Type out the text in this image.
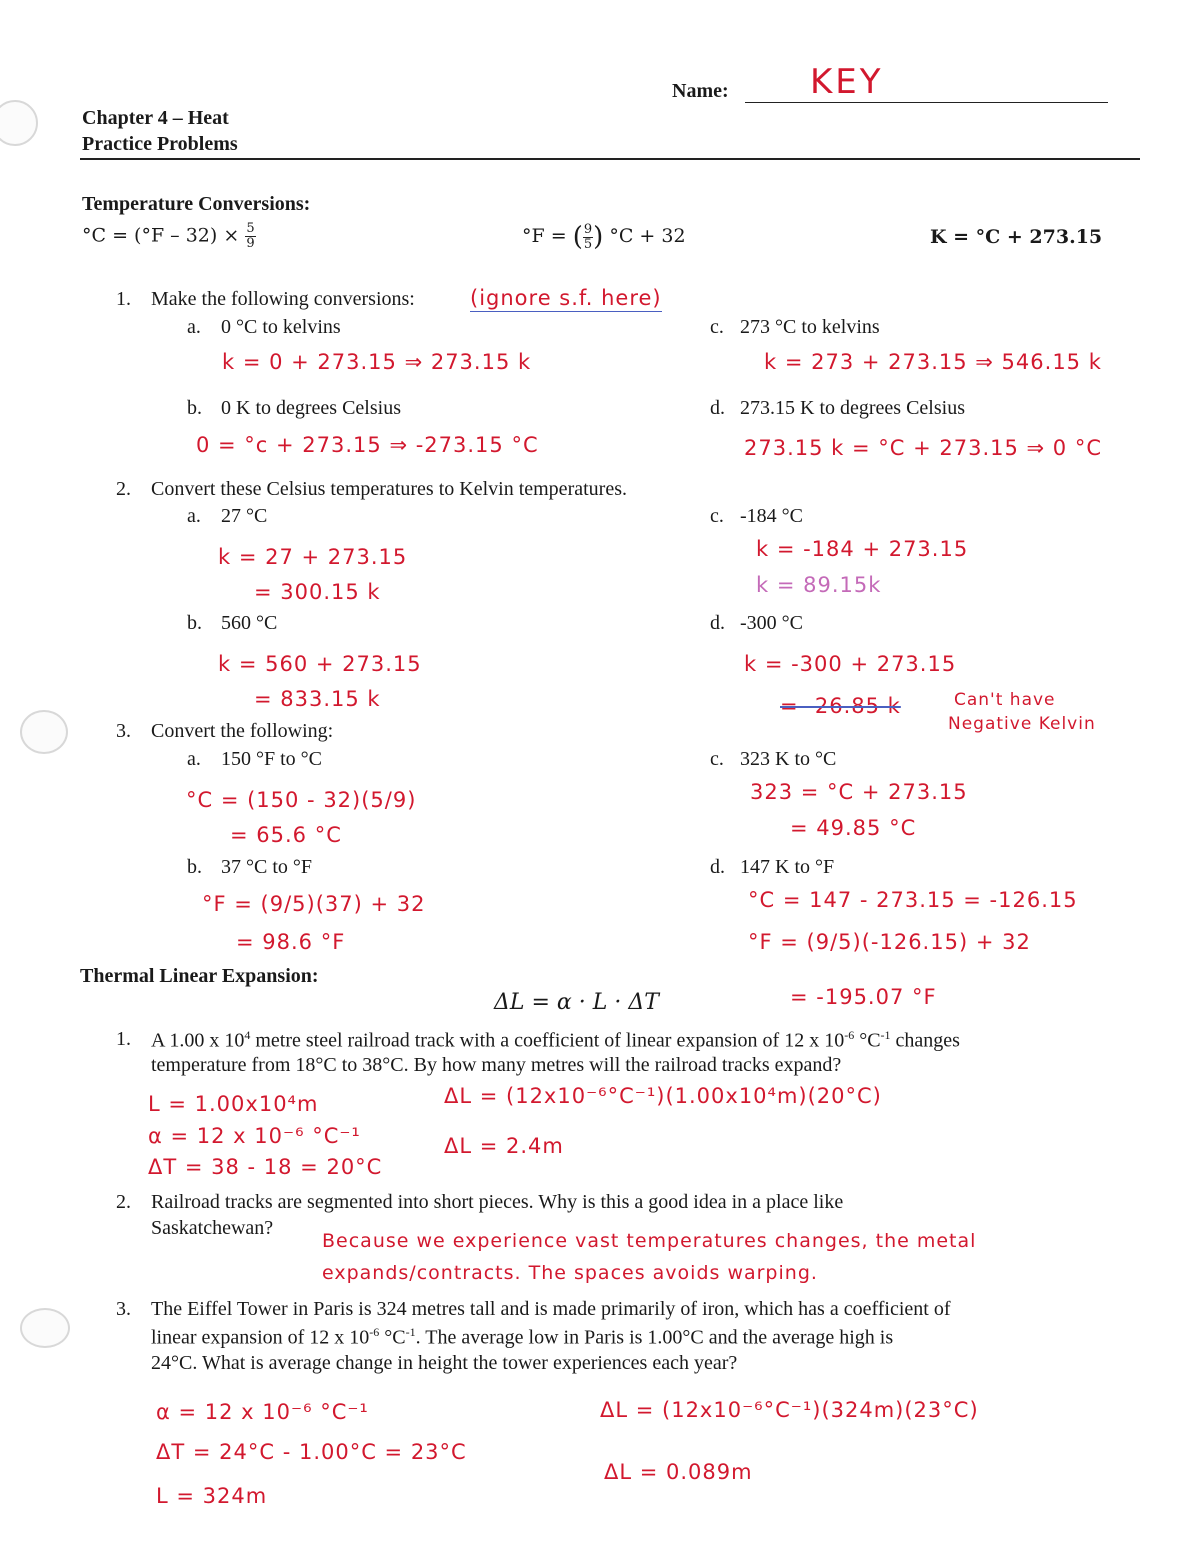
Name: KEY
Chapter 4 – Heat
Practice Problems
Temperature Conversions:
$^\circ C = (^\circ F - 32) \times \frac{5}{9}$	°F = ( $\frac{9}{5}$ ) °C + 32	K = °C + 273.15
1. Make the following conversions:	(ignore s.f. here)
a. 0 °C to kelvins
k = 0 + 273.15 ⇒ 273.15 k
b. 0 K to degrees Celsius
0 = °c + 273.15 ⇒ -273.15 °C
c. 273 °C to kelvins
k = 273 + 273.15 ⇒ 546.15 k
d. 273.15 K to degrees Celsius
273.15 k = °C + 273.15 ⇒ 0 °C
2. Convert these Celsius temperatures to Kelvin temperatures.
a. 27 °C
k = 27 + 273.15
= 300.15 k
b. 560 °C
k = 560 + 273.15
= 833.15 k
c. -184 °C
k = -184 + 273.15
k = 89.15k
d. -300 °C
k = -300 + 273.15
= -26.85 k	Can't have
Negative Kelvin
3. Convert the following:
a. 150 °F to °C
°C = (150 - 32)(5/9)
= 65.6 °C
b. 37 °C to °F
°F = (9/5)(37) + 32
= 98.6 °F
c. 323 K to °C
323 = °C + 273.15
= 49.85 °C
d. 147 K to °F
°C = 147 - 273.15 = -126.15
°F = (9/5)(-126.15) + 32
= -195.07 °F
Thermal Linear Expansion:
ΔL = α · L · ΔT
1. A 1.00 x $10^4$ metre steel railroad track with a coefficient of linear expansion of 12 x $10^{-6}$ $^\circ C^{-1}$ changes
temperature from 18°C to 38°C. By how many metres will the railroad tracks expand?
L = 1.00x10⁴m
α = 12 x 10⁻⁶ °C⁻¹
ΔT = 38 - 18 = 20°C
ΔL = (12x10⁻⁶°C⁻¹)(1.00x10⁴m)(20°C)
ΔL = 2.4m
2. Railroad tracks are segmented into short pieces. Why is this a good idea in a place like
Saskatchewan?
Because we experience vast temperatures changes, the metal
expands/contracts. The spaces avoids warping.
3. The Eiffel Tower in Paris is 324 metres tall and is made primarily of iron, which has a coefficient of
linear expansion of 12 x $10^{-6}$ $^\circ C^{-1}$. The average low in Paris is 1.00°C and the average high is
24°C. What is average change in height the tower experiences each year?
α = 12 x 10⁻⁶ °C⁻¹
ΔT = 24°C - 1.00°C = 23°C
L = 324m
ΔL = (12x10⁻⁶°C⁻¹)(324m)(23°C)
ΔL = 0.089m
